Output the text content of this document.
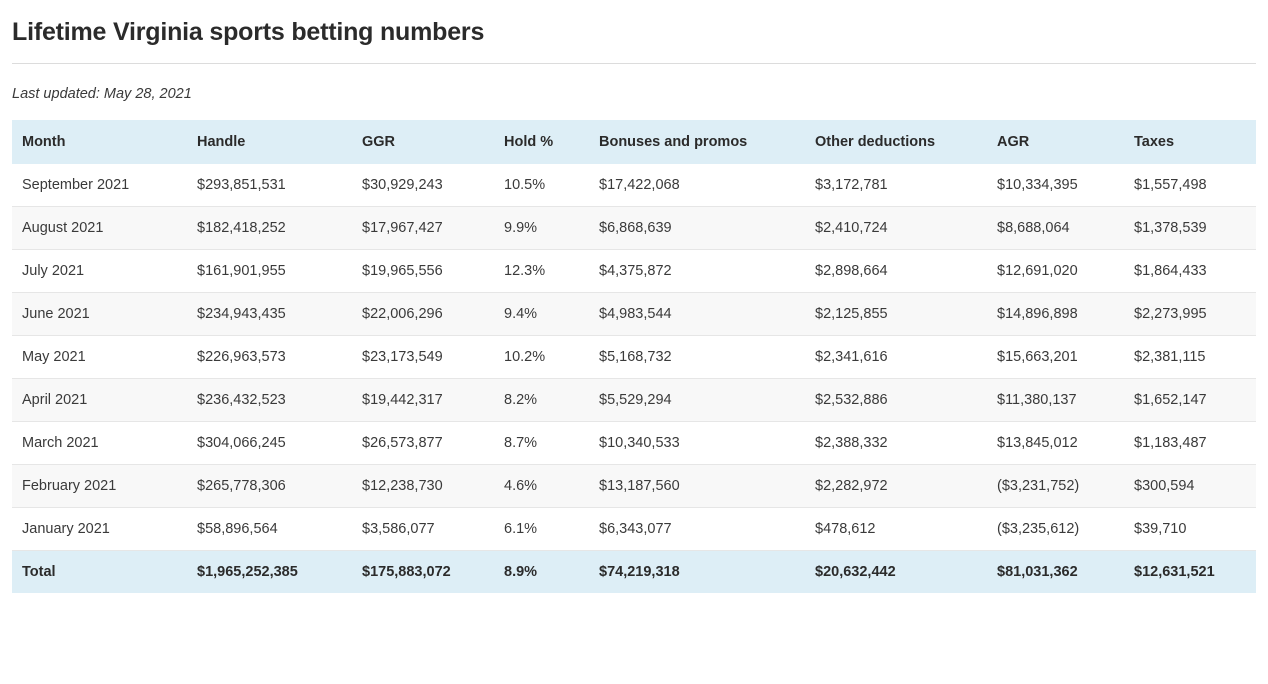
Lifetime Virginia sports betting numbers
Last updated: May 28, 2021
Month	Handle	GGR	Hold %	Bonuses and promos	Other deductions	AGR	Taxes
September 2021	$293,851,531	$30,929,243	10.5%	$17,422,068	$3,172,781	$10,334,395	$1,557,498
August 2021	$182,418,252	$17,967,427	9.9%	$6,868,639	$2,410,724	$8,688,064	$1,378,539
July 2021	$161,901,955	$19,965,556	12.3%	$4,375,872	$2,898,664	$12,691,020	$1,864,433
June 2021	$234,943,435	$22,006,296	9.4%	$4,983,544	$2,125,855	$14,896,898	$2,273,995
May 2021	$226,963,573	$23,173,549	10.2%	$5,168,732	$2,341,616	$15,663,201	$2,381,115
April 2021	$236,432,523	$19,442,317	8.2%	$5,529,294	$2,532,886	$11,380,137	$1,652,147
March 2021	$304,066,245	$26,573,877	8.7%	$10,340,533	$2,388,332	$13,845,012	$1,183,487
February 2021	$265,778,306	$12,238,730	4.6%	$13,187,560	$2,282,972	($3,231,752)	$300,594
January 2021	$58,896,564	$3,586,077	6.1%	$6,343,077	$478,612	($3,235,612)	$39,710
Total	$1,965,252,385	$175,883,072	8.9%	$74,219,318	$20,632,442	$81,031,362	$12,631,521
